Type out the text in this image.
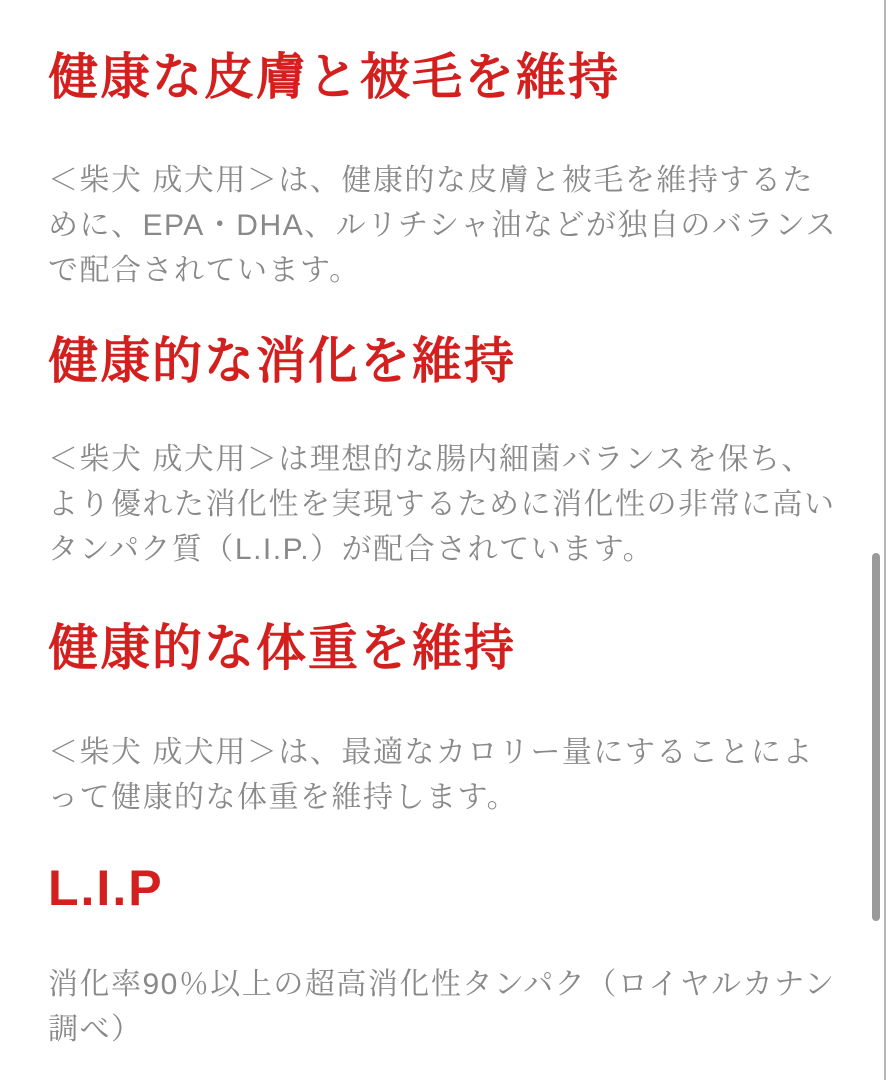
健康な皮膚と被毛を維持

＜柴犬 成犬用＞は、健康的な皮膚と被毛を維持するために、EPA・DHA、ルリチシャ油などが独自のバランスで配合されています。

健康的な消化を維持

＜柴犬 成犬用＞は理想的な腸内細菌バランスを保ち、より優れた消化性を実現するために消化性の非常に高いタンパク質（L.I.P.）が配合されています。

健康的な体重を維持

＜柴犬 成犬用＞は、最適なカロリー量にすることによって健康的な体重を維持します。

L.I.P

消化率90％以上の超高消化性タンパク（ロイヤルカナン調べ）
